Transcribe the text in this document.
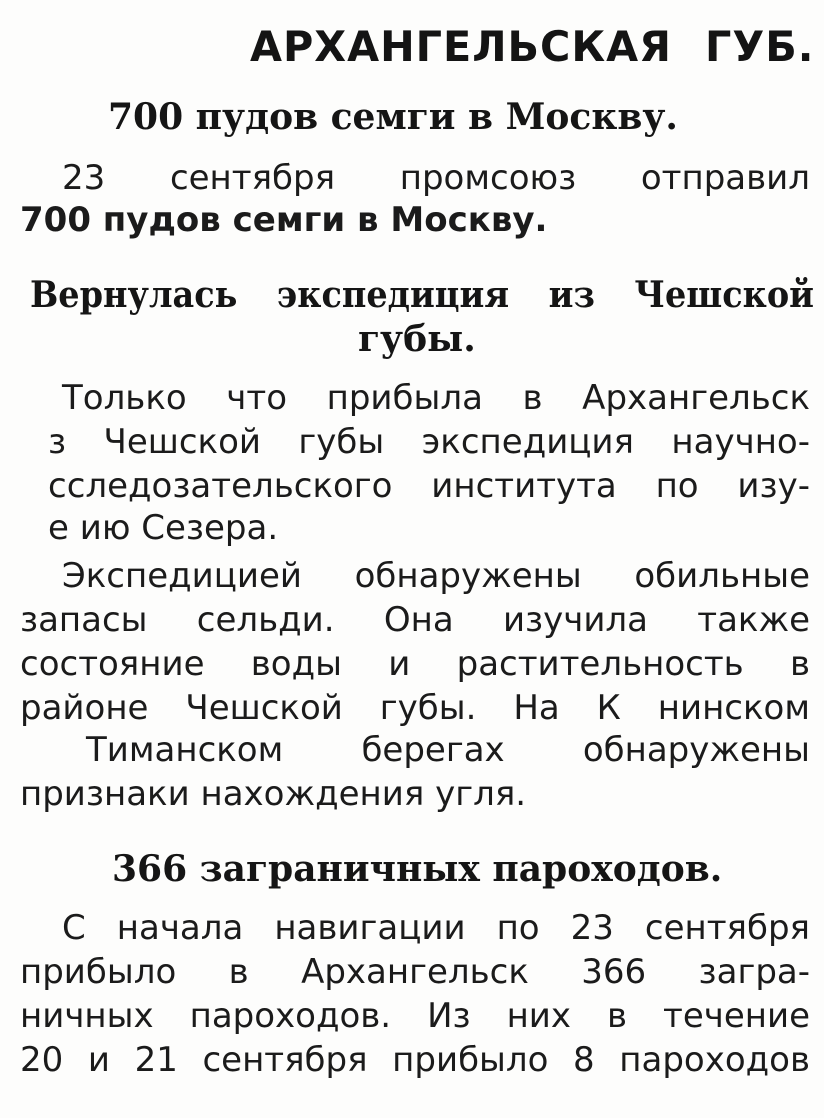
АРХАНГЕЛЬСКАЯ ГУБ.
700 пудов семги в Москву.
23 сентября промсоюз отправил
700 пудов семги в Москву.
Вернулась экспедиция из Чешской
губы.
Только что прибыла в Архангельск
з Чешской губы экспедиция научно-
сследозательского института по изу-
е ию Сезера.
Экспедицией обнаружены обильные
запасы сельди. Она изучила также
состояние воды и растительность в
районе Чешской губы. На К нинском
Тиманском берегах обнаружены
признаки нахождения угля.
366 заграничных пароходов.
С начала навигации по 23 сентября
прибыло в Архангельск 366 загра-
ничных пароходов. Из них в течение
20 и 21 сентября прибыло 8 пароходов
